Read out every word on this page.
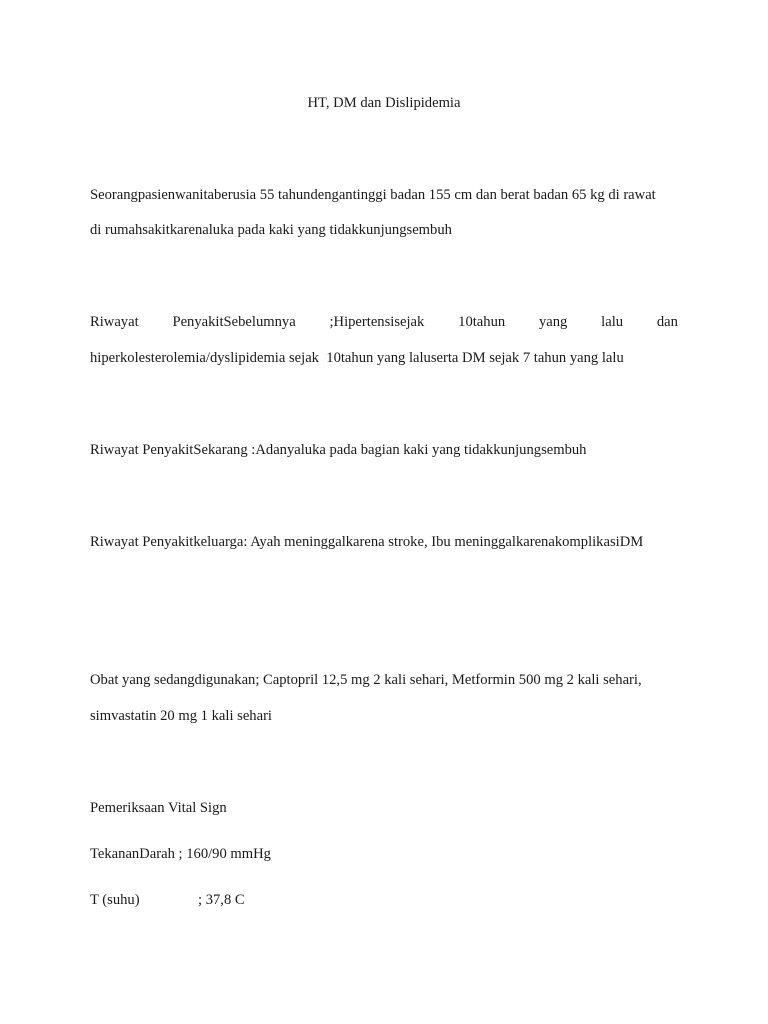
HT, DM dan Dislipidemia
Seorangpasienwanitaberusia 55 tahundengantinggi badan 155 cm dan berat badan 65 kg di rawat
di rumahsakitkarenaluka pada kaki yang tidakkunjungsembuh
Riwayat PenyakitSebelumnya ;Hipertensisejak 10tahun yang lalu dan
hiperkolesterolemia/dyslipidemia sejak  10tahun yang laluserta DM sejak 7 tahun yang lalu
Riwayat PenyakitSekarang :Adanyaluka pada bagian kaki yang tidakkunjungsembuh
Riwayat Penyakitkeluarga: Ayah meninggalkarena stroke, Ibu meninggalkarenakomplikasiDM
Obat yang sedangdigunakan; Captopril 12,5 mg 2 kali sehari, Metformin 500 mg 2 kali sehari,
simvastatin 20 mg 1 kali sehari
Pemeriksaan Vital Sign
TekananDarah ; 160/90 mmHg
T (suhu)	; 37,8 C
